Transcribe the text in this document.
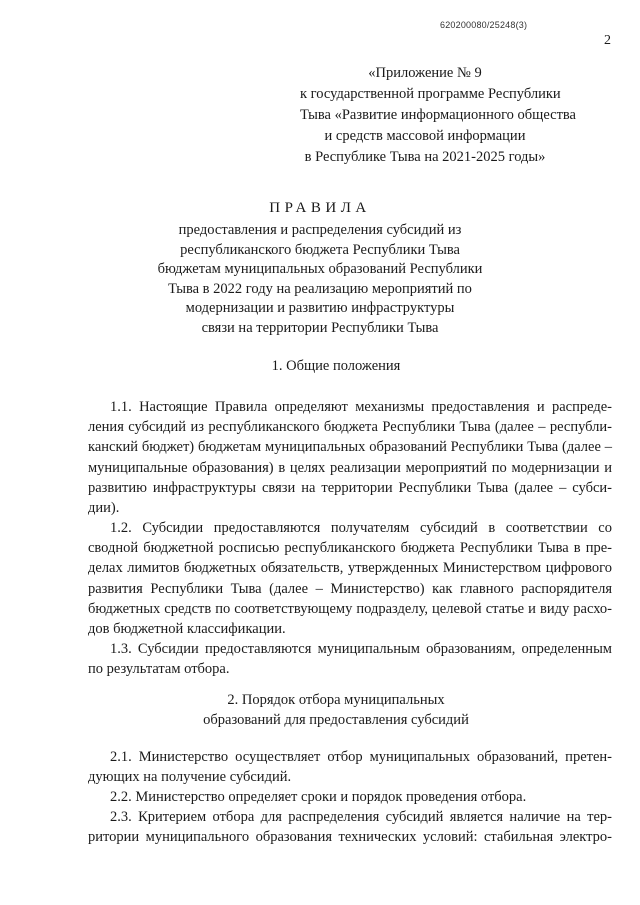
620200080/25248(3)
2
«Приложение № 9
к государственной программе Республики
Тыва «Развитие информационного общества
и средств массовой информации
в Республике Тыва на 2021-2025 годы»
ПРАВИЛА
предоставления и распределения субсидий из
республиканского бюджета Республики Тыва
бюджетам муниципальных образований Республики
Тыва в 2022 году на реализацию мероприятий по
модернизации и развитию инфраструктуры
связи на территории Республики Тыва
1. Общие положения
1.1. Настоящие Правила определяют механизмы предоставления и распреде-
ления субсидий из республиканского бюджета Республики Тыва (далее – республи-
канский бюджет) бюджетам муниципальных образований Республики Тыва (далее –
муниципальные образования) в целях реализации мероприятий по модернизации и
развитию инфраструктуры связи на территории Республики Тыва (далее – субси-
дии).
1.2. Субсидии предоставляются получателям субсидий в соответствии со
сводной бюджетной росписью республиканского бюджета Республики Тыва в пре-
делах лимитов бюджетных обязательств, утвержденных Министерством цифрового
развития Республики Тыва (далее – Министерство) как главного распорядителя
бюджетных средств по соответствующему подразделу, целевой статье и виду расхо-
дов бюджетной классификации.
1.3. Субсидии предоставляются муниципальным образованиям, определенным
по результатам отбора.
2. Порядок отбора муниципальных
образований для предоставления субсидий
2.1. Министерство осуществляет отбор муниципальных образований, претен-
дующих на получение субсидий.
2.2. Министерство определяет сроки и порядок проведения отбора.
2.3. Критерием отбора для распределения субсидий является наличие на тер-
ритории муниципального образования технических условий: стабильная электро-
